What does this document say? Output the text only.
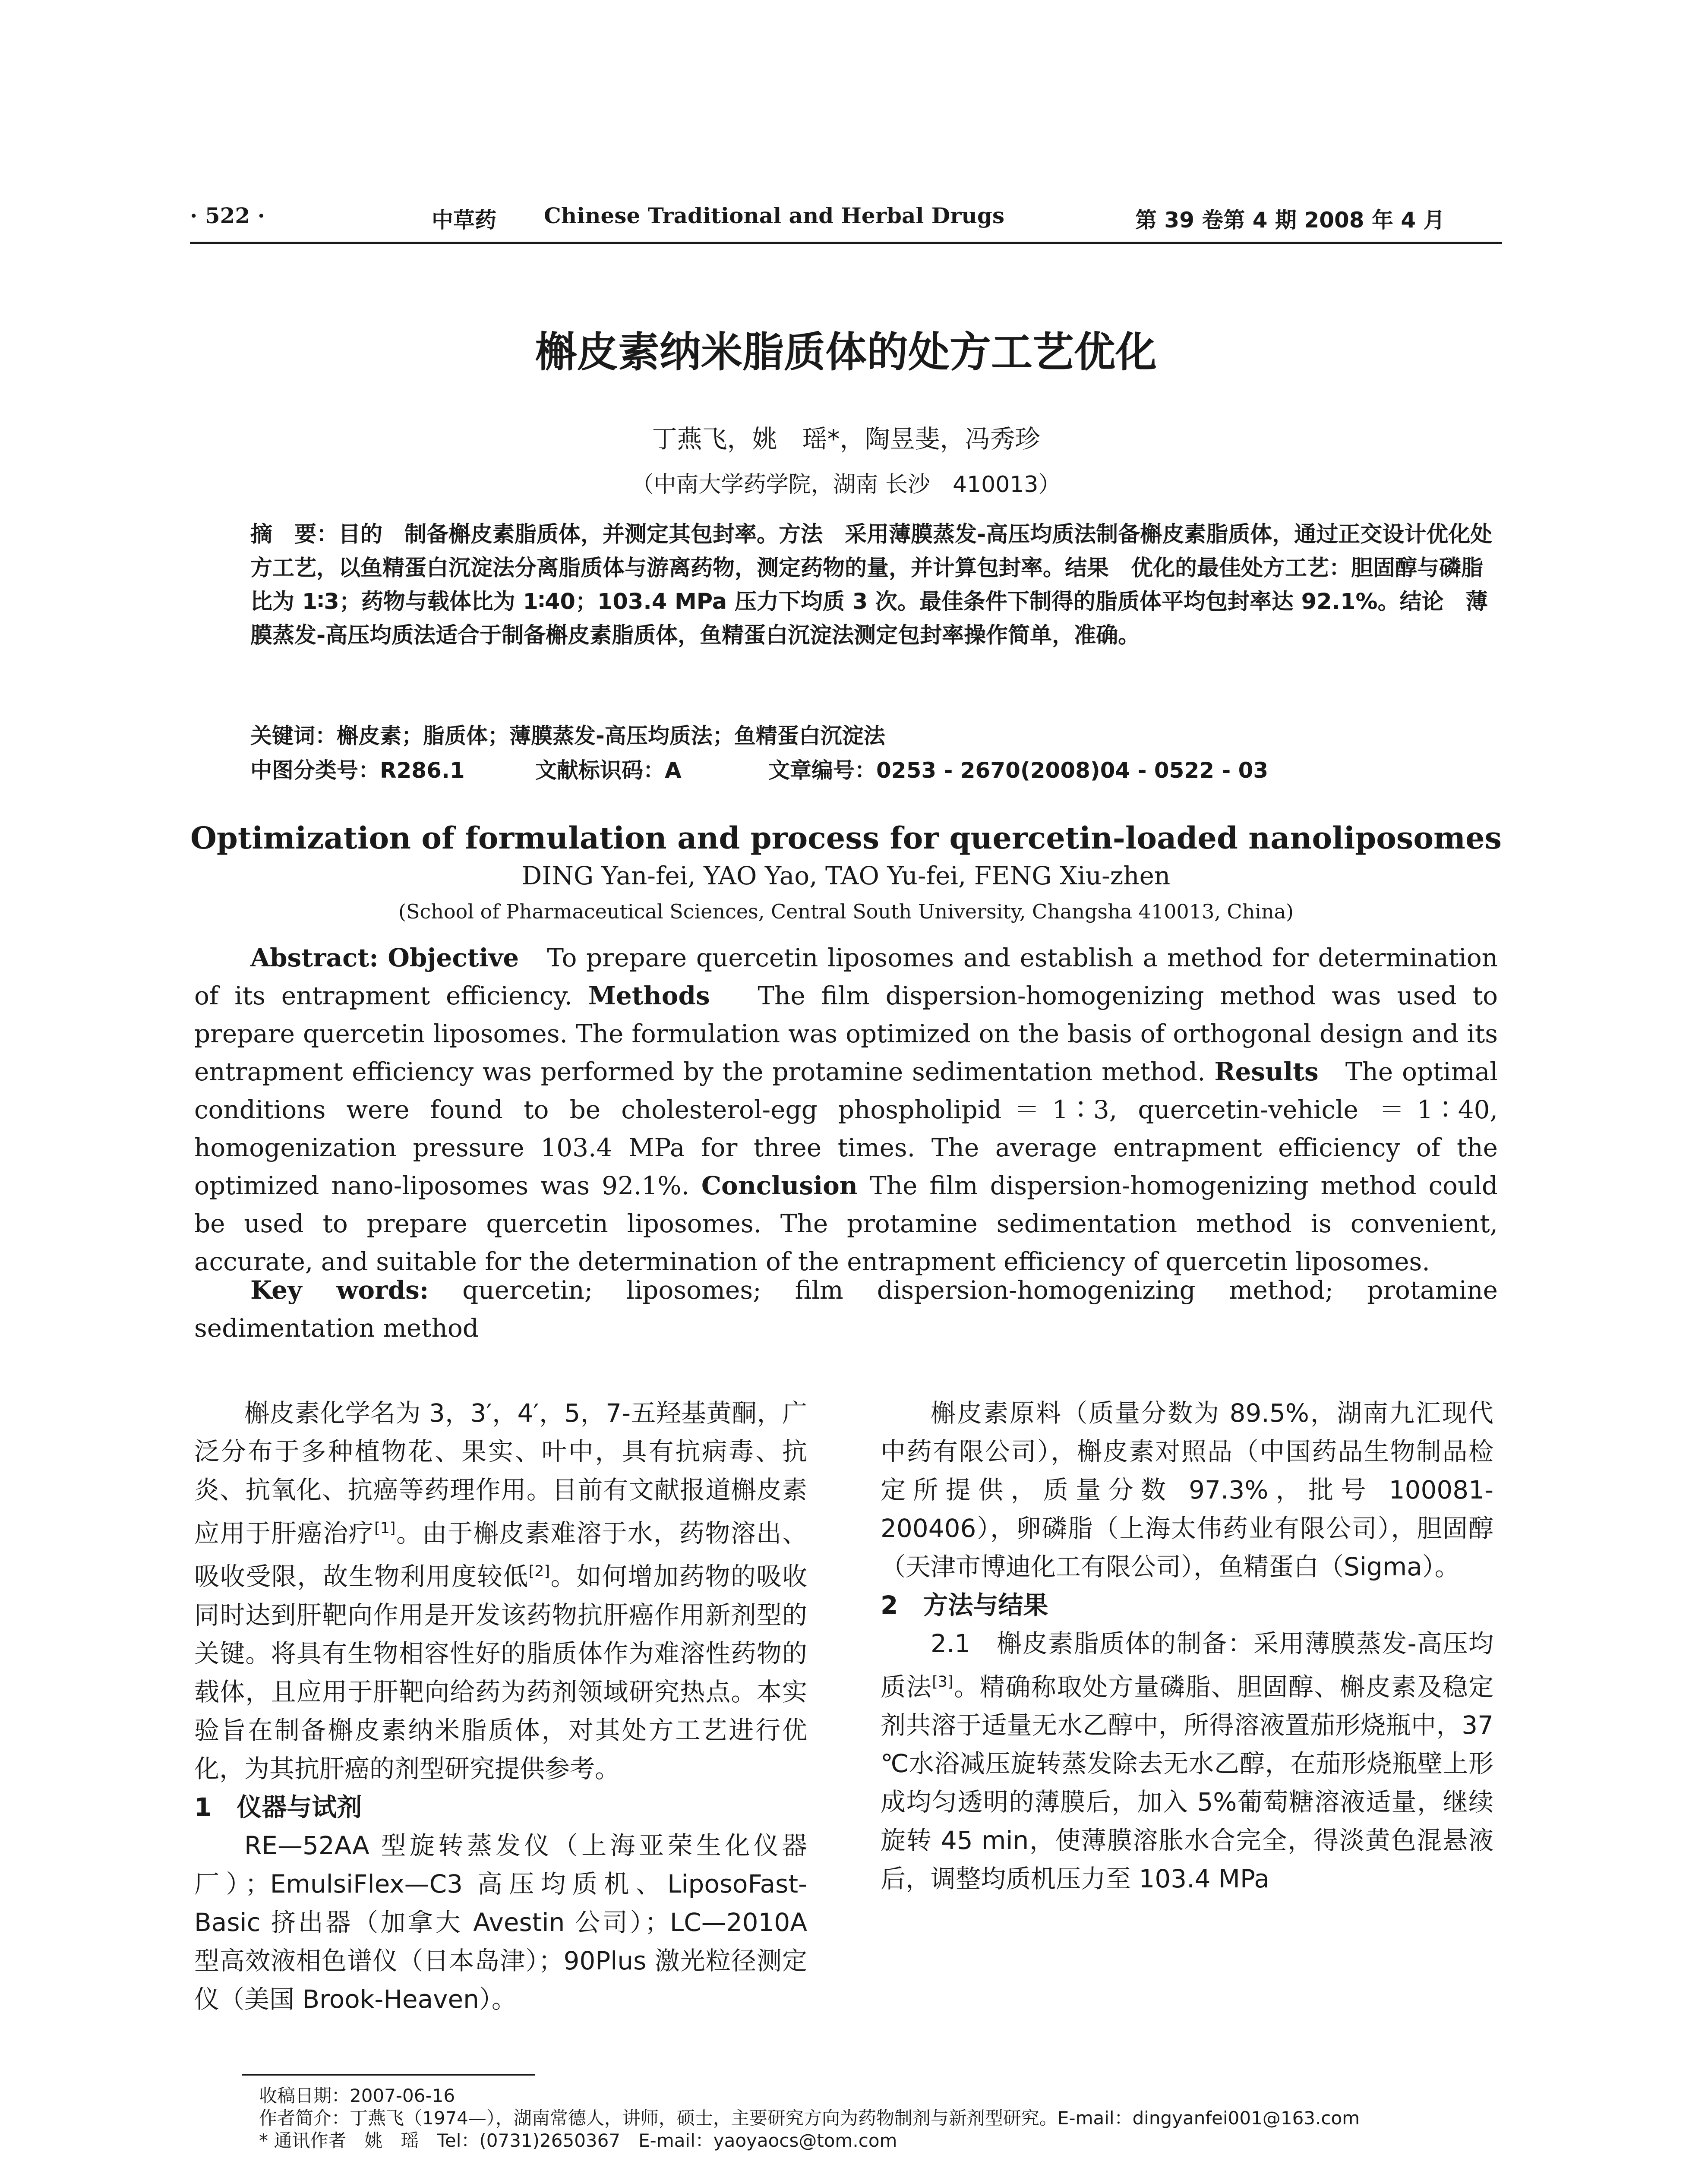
· 522 ·	中草药 Chinese Traditional and Herbal Drugs	第 39 卷第 4 期 2008 年 4 月
槲皮素纳米脂质体的处方工艺优化
丁燕飞，姚　瑶*，陶昱斐，冯秀珍
（中南大学药学院，湖南 长沙　410013）
摘　要：目的　 制备槲皮素脂质体，并测定其包封率。方法　 采用薄膜蒸发-高压均质法制备槲皮素脂质体，通过正交设计优化处方工艺，以鱼精蛋白沉淀法分离脂质体与游离药物，测定药物的量，并计算包封率。结果　 优化的最佳处方工艺：胆固醇与磷脂比为 1∶3；药物与载体比为 1∶40；103.4 MPa 压力下均质 3 次。最佳条件下制得的脂质体平均包封率达 92.1%。结论　 薄膜蒸发-高压均质法适合于制备槲皮素脂质体，鱼精蛋白沉淀法测定包封率操作简单，准确。
关键词：槲皮素；脂质体；薄膜蒸发-高压均质法；鱼精蛋白沉淀法
中图分类号：R286.1	文献标识码：A	文章编号：0253 - 2670(2008)04 - 0522 - 03
Optimization of formulation and process for quercetin-loaded nanoliposomes
DING Yan-fei, YAO Yao, TAO Yu-fei, FENG Xiu-zhen
(School of Pharmaceutical Sciences, Central South University, Changsha 410013, China)
Abstract: Objective To prepare quercetin liposomes and establish a method for determination of its entrapment efficiency. Methods The film dispersion-homogenizing method was used to prepare quercetin liposomes. The formulation was optimized on the basis of orthogonal design and its entrapment efficiency was performed by the protamine sedimentation method. Results The optimal conditions were found to be cholesterol-egg phospholipid＝1∶3, quercetin-vehicle ＝1∶40, homogenization pressure 103.4 MPa for three times. The average entrapment efficiency of the optimized nano-liposomes was 92.1%. Conclusion The film dispersion-homogenizing method could be used to prepare quercetin liposomes. The protamine sedimentation method is convenient, accurate, and suitable for the determination of the entrapment efficiency of quercetin liposomes.
Key words: quercetin; liposomes; film dispersion-homogenizing method; protamine sedimentation method

槲皮素化学名为 3，3′，4′，5，7-五羟基黄酮，广泛分布于多种植物花、果实、叶中，具有抗病毒、抗炎、抗氧化、抗癌等药理作用。目前有文献报道槲皮素应用于肝癌治疗[1]。由于槲皮素难溶于水，药物溶出、吸收受限，故生物利用度较低[2]。如何增加药物的吸收同时达到肝靶向作用是开发该药物抗肝癌作用新剂型的关键。将具有生物相容性好的脂质体作为难溶性药物的载体，且应用于肝靶向给药为药剂领域研究热点。本实验旨在制备槲皮素纳米脂质体，对其处方工艺进行优化，为其抗肝癌的剂型研究提供参考。

1　仪器与试剂

RE—52AA 型旋转蒸发仪（上海亚荣生化仪器厂）；EmulsiFlex—C3 高压均质机、LiposoFast-Basic 挤出器（加拿大 Avestin 公司）；LC—2010A 型高效液相色谱仪（日本岛津）；90Plus 激光粒径测定仪（美国 Brook-Heaven）。

槲皮素原料（质量分数为 89.5%，湖南九汇现代中药有限公司），槲皮素对照品（中国药品生物制品检定所提供，质量分数 97.3%，批号 100081-200406），卵磷脂（上海太伟药业有限公司），胆固醇（天津市博迪化工有限公司），鱼精蛋白（Sigma）。

2　方法与结果

2.1　槲皮素脂质体的制备：采用薄膜蒸发-高压均质法[3]。精确称取处方量磷脂、胆固醇、槲皮素及稳定剂共溶于适量无水乙醇中，所得溶液置茄形烧瓶中，37 ℃水浴减压旋转蒸发除去无水乙醇，在茄形烧瓶壁上形成均匀透明的薄膜后，加入 5%葡萄糖溶液适量，继续旋转 45 min，使薄膜溶胀水合完全，得淡黄色混悬液后，调整均质机压力至 103.4 MPa

收稿日期：2007-06-16
作者简介：丁燕飞（1974—），湖南常德人，讲师，硕士，主要研究方向为药物制剂与新剂型研究。E-mail：dingyanfei001@163.com
* 通讯作者　姚　瑶　Tel：(0731)2650367　E-mail：yaoyaocs@tom.com
